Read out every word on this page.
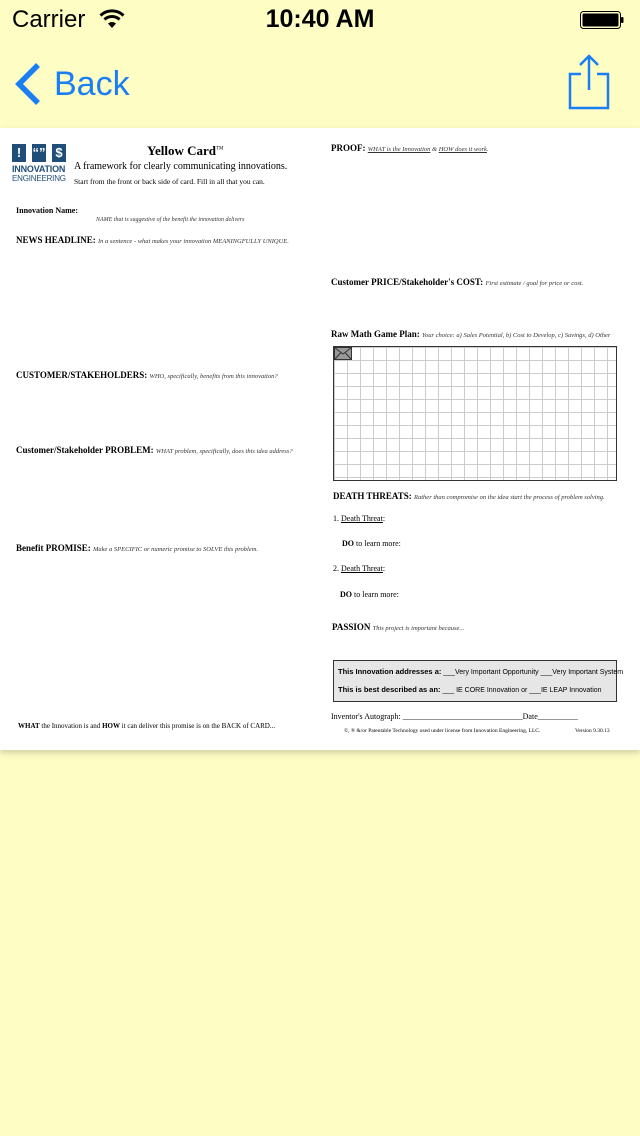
Carrier	10:40 AM
Back
! “” $
INNOVATION
ENGINEERING
Yellow Card™
A framework for clearly communicating innovations.
Start from the front or back side of card. Fill in all that you can.
Innovation Name:
NAME that is suggestive of the benefit the innovation delivers
NEWS HEADLINE: In a sentence - what makes your innovation MEANINGFULLY UNIQUE.
CUSTOMER/STAKEHOLDERS: WHO, specifically, benefits from this innovation?
Customer/Stakeholder PROBLEM: WHAT problem, specifically, does this idea address?
Benefit PROMISE: Make a SPECIFIC or numeric promise to SOLVE this problem.
WHAT the Innovation is and HOW it can deliver this promise is on the BACK of CARD...
PROOF: WHAT is the Innovation & HOW does it work.
Customer PRICE/Stakeholder's COST: First estimate / goal for price or cost.
Raw Math Game Plan: Your choice: a) Sales Potential, b) Cost to Develop, c) Savings, d) Other
DEATH THREATS: Rather than compromise on the idea start the process of problem solving.
1. Death Threat:
DO to learn more:
2. Death Threat:
DO to learn more:
PASSION This project is important because...
This Innovation addresses a: ___Very Important Opportunity ___Very Important System
This is best described as an: ___ IE CORE Innovation or ___IE LEAP Innovation
Inventor's Autograph: ______________________________Date__________
©, ® &/or Patentable Technology used under license from Innovation Engineering, LLC.	Version 9.30.13
